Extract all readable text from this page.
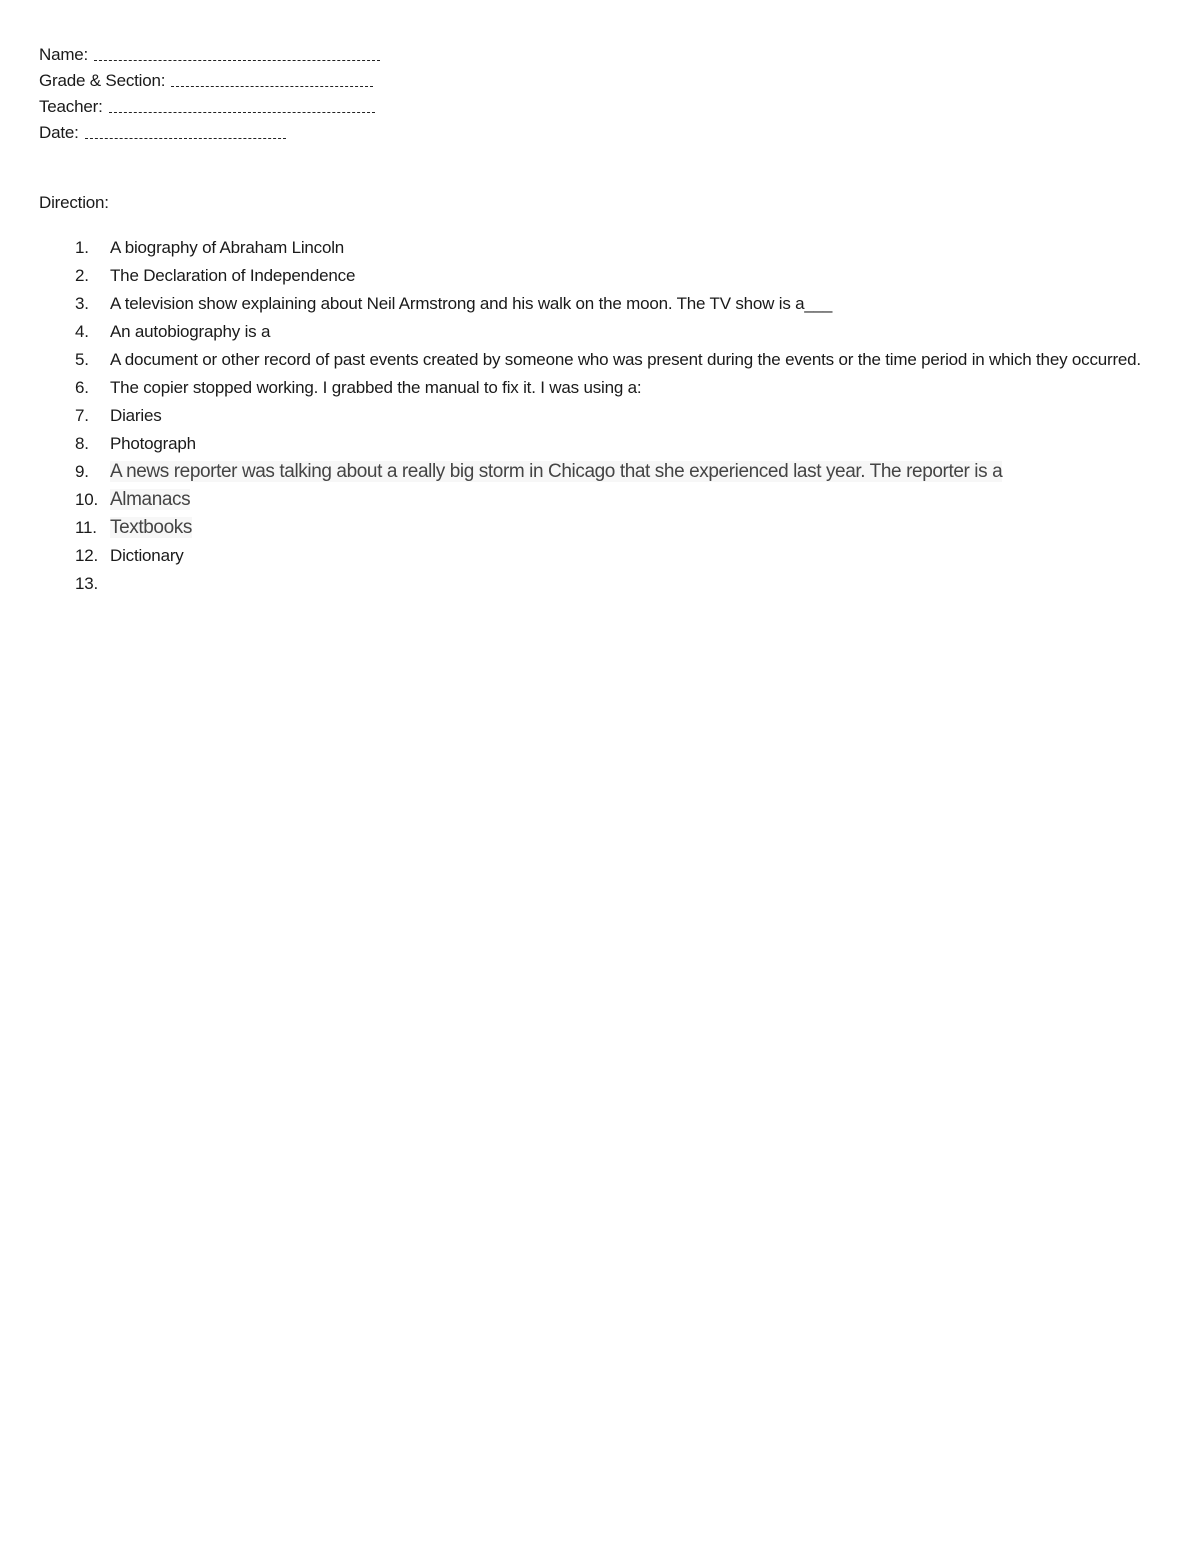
Name:
Grade & Section:
Teacher:
Date:
Direction:
1.	A biography of Abraham Lincoln
2.	The Declaration of Independence
3.	A television show explaining about Neil Armstrong and his walk on the moon. The TV show is a___
4.	An autobiography is a
5.	A document or other record of past events created by someone who was present during the events or the time period in which they occurred.
6.	The copier stopped working. I grabbed the manual to fix it. I was using a:
7.	Diaries
8.	Photograph
9.	A news reporter was talking about a really big storm in Chicago that she experienced last year. The reporter is a
10. Almanacs
11. Textbooks
12. Dictionary
13.
